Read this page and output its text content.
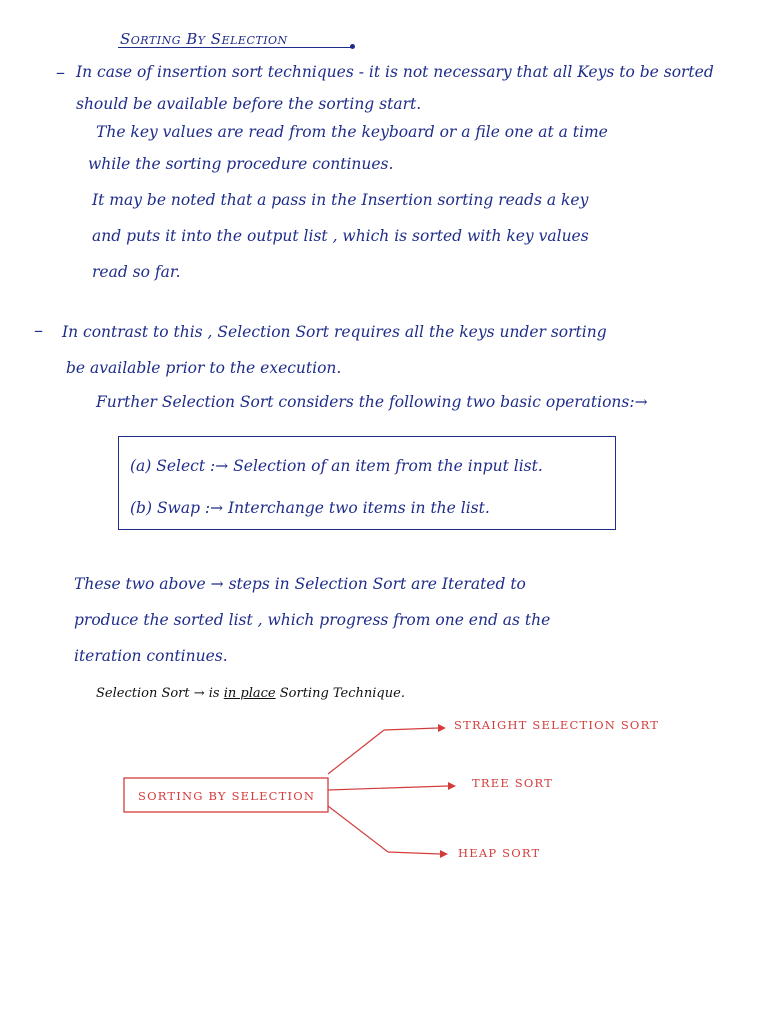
Sorting By Selection
– In case of insertion sort techniques - it is not necessary that all Keys to be sorted
should be available before the sorting start.
The key values are read from the keyboard or a file one at a time
while the sorting procedure continues.
It may be noted that a pass in the Insertion sorting reads a key
and puts it into the output list , which is sorted with key values
read so far.
– In contrast to this , Selection Sort requires all the keys under sorting
be available prior to the execution.
Further Selection Sort considers the following two basic operations:→
(a) Select :→ Selection of an item from the input list.
(b) Swap :→ Interchange two items in the list.
These two above → steps in Selection Sort are Iterated to
produce the sorted list , which progress from one end as the
iteration continues.
Selection Sort → is in place Sorting Technique.
SORTING BY SELECTION
STRAIGHT SELECTION SORT
TREE SORT
HEAP SORT
